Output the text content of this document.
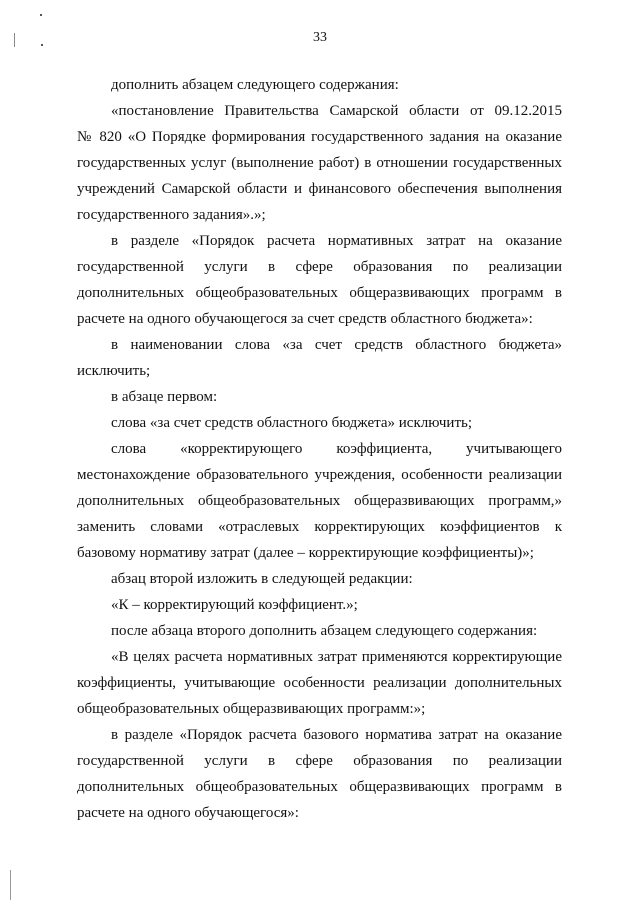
33
дополнить абзацем следующего содержания:
«постановление Правительства Самарской области от 09.12.2015
№ 820 «О Порядке формирования государственного задания на оказание
государственных услуг (выполнение работ) в отношении государственных
учреждений Самарской области и финансового обеспечения выполнения
государственного задания».»;
в разделе «Порядок расчета нормативных затрат на оказание
государственной услуги в сфере образования по реализации
дополнительных общеобразовательных общеразвивающих программ в
расчете на одного обучающегося за счет средств областного бюджета»:
в наименовании слова «за счет средств областного бюджета»
исключить;
в абзаце первом:
слова «за счет средств областного бюджета» исключить;
слова «корректирующего коэффициента, учитывающего
местонахождение образовательного учреждения, особенности реализации
дополнительных общеобразовательных общеразвивающих программ,»
заменить словами «отраслевых корректирующих коэффициентов к
базовому нормативу затрат (далее – корректирующие коэффициенты)»;
абзац второй изложить в следующей редакции:
«К – корректирующий коэффициент.»;
после абзаца второго дополнить абзацем следующего содержания:
«В целях расчета нормативных затрат применяются корректирующие
коэффициенты, учитывающие особенности реализации дополнительных
общеобразовательных общеразвивающих программ:»;
в разделе «Порядок расчета базового норматива затрат на оказание
государственной услуги в сфере образования по реализации
дополнительных общеобразовательных общеразвивающих программ в
расчете на одного обучающегося»:
